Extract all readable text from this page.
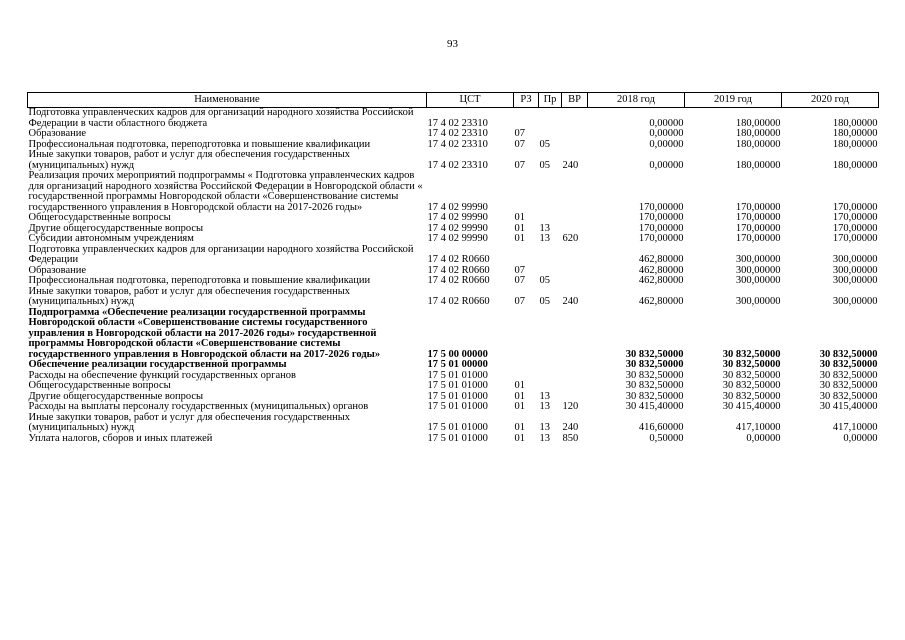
93
Наименование	ЦСТ	РЗ	Пр	ВР	2018 год	2019 год	2020 год
Подготовка управленческих кадров для организаций народного хозяйства Российской Федерации в части областного бюджета	17 4 02 23310				0,00000	180,00000	180,00000
Образование	17 4 02 23310	07			0,00000	180,00000	180,00000
Профессиональная подготовка, переподготовка и повышение квалификации	17 4 02 23310	07	05		0,00000	180,00000	180,00000
Иные закупки товаров, работ и услуг для обеспечения государственных (муниципальных) нужд	17 4 02 23310	07	05	240	0,00000	180,00000	180,00000
Реализация прочих мероприятий подпрограммы « Подготовка управленческих кадров для организаций народного хозяйства Российской Федерации в Новгородской области « государственной программы Новгородской области «Совершенствование системы государственного управления в Новгородской области на 2017-2026 годы»	17 4 02 99990				170,00000	170,00000	170,00000
Общегосударственные вопросы	17 4 02 99990	01			170,00000	170,00000	170,00000
Другие общегосударственные вопросы	17 4 02 99990	01	13		170,00000	170,00000	170,00000
Субсидии автономным учреждениям	17 4 02 99990	01	13	620	170,00000	170,00000	170,00000
Подготовка управленческих кадров для организации народного хозяйства Российской Федерации	17 4 02 R0660				462,80000	300,00000	300,00000
Образование	17 4 02 R0660	07			462,80000	300,00000	300,00000
Профессиональная подготовка, переподготовка и повышение квалификации	17 4 02 R0660	07	05		462,80000	300,00000	300,00000
Иные закупки товаров, работ и услуг для обеспечения государственных (муниципальных) нужд	17 4 02 R0660	07	05	240	462,80000	300,00000	300,00000
Подпрограмма «Обеспечение реализации государственной программы Новгородской области «Совершенствование системы государственного управления в Новгородской области на 2017-2026 годы» государственной программы Новгородской области «Совершенствование системы государственного управления в Новгородской области на 2017-2026 годы»	17 5 00 00000				30 832,50000	30 832,50000	30 832,50000
Обеспечение реализации государственной программы	17 5 01 00000				30 832,50000	30 832,50000	30 832,50000
Расходы на обеспечение функций государственных органов	17 5 01 01000				30 832,50000	30 832,50000	30 832,50000
Общегосударственные вопросы	17 5 01 01000	01			30 832,50000	30 832,50000	30 832,50000
Другие общегосударственные вопросы	17 5 01 01000	01	13		30 832,50000	30 832,50000	30 832,50000
Расходы на выплаты персоналу государственных (муниципальных) органов	17 5 01 01000	01	13	120	30 415,40000	30 415,40000	30 415,40000
Иные закупки товаров, работ и услуг для обеспечения государственных (муниципальных) нужд	17 5 01 01000	01	13	240	416,60000	417,10000	417,10000
Уплата налогов, сборов и иных платежей	17 5 01 01000	01	13	850	0,50000	0,00000	0,00000
